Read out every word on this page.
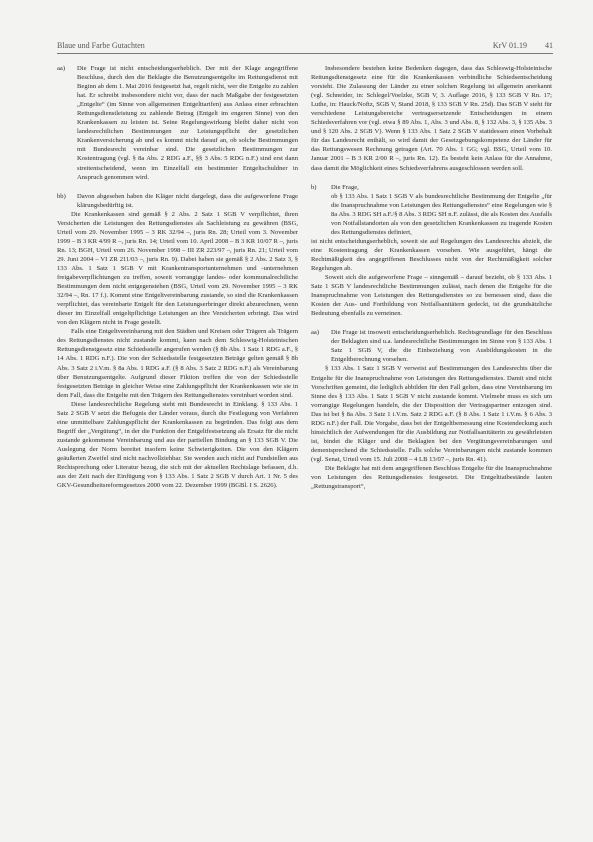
Blaue und Farbe Gutachten	KrV 01.19 41

aa) Die Frage ist nicht entscheidungserheblich. Der mit der Klage angegriffene Beschluss, durch den die Beklagte die Benutzungsentgelte im Rettungsdienst mit Beginn ab dem 1. Mai 2016 festgesetzt hat, regelt nicht, wer die Entgelte zu zahlen hat. Er schreibt insbesondere nicht vor, dass der nach Maßgabe der festgesetzten „Entgelte“ (im Sinne von allgemeinen Entgelttarifen) aus Anlass einer erbrachten Rettungsdienstleistung zu zahlende Betrag (Entgelt im engeren Sinne) von den Krankenkassen zu leisten ist. Seine Regelungswirkung bleibt daher nicht von landesrechtlichen Bestimmungen zur Leistungspflicht der gesetzlichen Krankenversicherung ab und es kommt nicht darauf an, ob solche Bestimmungen mit Bundesrecht vereinbar sind. Die gesetzlichen Bestimmungen zur Kostentragung (vgl. § 8a Abs. 2 RDG a.F., §§ 3 Abs. 5 RDG n.F.) sind erst dann streitentscheidend, wenn im Einzelfall ein bestimmter Entgeltschuldner in Anspruch genommen wird.

bb) Davon abgesehen haben die Kläger nicht dargelegt, dass die aufgeworfene Frage klärungsbedürftig ist.

Die Krankenkassen sind gemäß § 2 Abs. 2 Satz 1 SGB V verpflichtet, ihren Versicherten die Leistungen des Rettungsdienstes als Sachleistung zu gewähren (BSG, Urteil vom 29. November 1995 – 3 RK 32/94 –, juris Rn. 28; Urteil vom 3. November 1999 – B 3 KR 4/99 R –, juris Rn. 14; Urteil vom 10. April 2008 – B 3 KR 10/07 R –, juris Rn. 13; BGH, Urteil vom 26. November 1998 – III ZR 223/97 –, juris Rn. 21; Urteil vom 29. Juni 2004 – VI ZR 211/03 –, juris Rn. 9). Dabei haben sie gemäß § 2 Abs. 2 Satz 3, § 133 Abs. 1 Satz 1 SGB V mit Krankentransportunternehmen und -unternehmen freigabeverpflichtungen zu treffen, soweit vorrangige landes- oder kommunalrechtliche Bestimmungen dem nicht entgegenstehen (BSG, Urteil vom 29. November 1995 – 3 RK 32/94 –, Rn. 17 f.). Kommt eine Entgeltvereinbarung zustande, so sind die Krankenkassen verpflichtet, das vereinbarte Entgelt für den Leistungserbringer direkt abzurechnen, wenn dieser im Einzelfall entgeltpflichtige Leistungen an ihre Versicherten erbringt. Das wird von den Klägern nicht in Frage gestellt.

Falls eine Entgeltvereinbarung mit den Städten und Kreisen oder Trägern als Trägern des Rettungsdienstes nicht zustande kommt, kann nach dem Schleswig-Holsteinischen Rettungsdienstgesetz eine Schiedsstelle angerufen werden (§ 8b Abs. 1 Satz 1 RDG a.F., § 14 Abs. 1 RDG n.F.). Die von der Schiedsstelle festgesetzten Beträge gelten gemäß § 8b Abs. 3 Satz 2 i.V.m. § 8a Abs. 1 RDG a.F. (§ 8 Abs. 3 Satz 2 RDG n.F.) als Vereinbarung über Benutzungsentgelte. Aufgrund dieser Fiktion treffen die von der Schiedsstelle festgesetzten Beträge in gleicher Weise eine Zahlungspflicht der Krankenkassen wie sie in dem Fall, dass die Entgelte mit den Trägern des Rettungsdienstes vereinbart worden sind.

Diese landesrechtliche Regelung steht mit Bundesrecht in Einklang. § 133 Abs. 1 Satz 2 SGB V setzt die Befugnis der Länder voraus, durch die Festlegung von Verfahren eine unmittelbare Zahlungspflicht der Krankenkassen zu begründen. Das folgt aus dem Begriff der „Vergütung“, in der die Funktion der Entgeltfestsetzung als Ersatz für die nicht zustande gekommene Vereinbarung und aus der partiellen Bindung an § 133 SGB V. Die Auslegung der Norm bereitet insofern keine Schwierigkeiten. Die von den Klägern geäußerten Zweifel sind nicht nachvollziehbar. Sie wenden auch nicht auf Fundstellen aus Rechtsprechung oder Literatur bezug, die sich mit der aktuellen Rechtslage befassen, d.h. aus der Zeit nach der Einfügung von § 133 Abs. 1 Satz 2 SGB V durch Art. 1 Nr. 5 des GKV-Gesundheitsreformgesetzes 2000 vom 22. Dezember 1999 (BGBl. I S. 2626).

Insbesondere bestehen keine Bedenken dagegen, dass das Schleswig-Holsteinische Rettungsdienstgesetz eine für die Krankenkassen verbindliche Schiedsentscheidung vorsieht. Die Zulassung der Länder zu einer solchen Regelung ist allgemein anerkannt (vgl. Schneider, in: Schlegel/Voelzke, SGB V, 3. Auflage 2016, § 133 SGB V Rn. 17; Luthe, in: Hauck/Noftz, SGB V, Stand 2018, § 133 SGB V Rn. 25d). Das SGB V sieht für verschiedene Leistungsbereiche vertragsersetzende Entscheidungen in einem Schiedsverfahren vor (vgl. etwa § 89 Abs. 1, Abs. 3 und Abs. 8, § 132 Abs. 3, § 135 Abs. 3 und § 120 Abs. 2 SGB V). Wenn § 133 Abs. 1 Satz 2 SGB V stattdessen einen Vorbehalt für das Landesrecht enthält, so wird damit der Gesetzgebungskompetenz der Länder für das Rettungswesen Rechnung getragen (Art. 70 Abs. 1 GG; vgl. BSG, Urteil vom 10. Januar 2001 – B 3 KR 2/00 R –, juris Rn. 12). Es besteht kein Anlass für die Annahme, dass damit die Möglichkeit eines Schiedsverfahrens ausgeschlossen werden soll.

b) Die Frage,

ob § 133 Abs. 1 Satz 1 SGB V als bundesrechtliche Bestimmung der Entgelte „für die Inanspruchnahme von Leistungen des Rettungsdienstes“ eine Regelungen wie § 8a Abs. 3 RDG SH a.F./§ 8 Abs. 3 RDG SH n.F. zulässt, die als Kosten des Ausfalls von Notfallstandorten als von den gesetzlichen Krankenkassen zu tragende Kosten des Rettungsdienstes definiert,

ist nicht entscheidungserheblich, soweit sie auf Regelungen des Landesrechts abzielt, die eine Kostentragung der Krankenkassen vorsehen. Wie ausgeführt, hängt die Rechtmäßigkeit des angegriffenen Beschlusses nicht von der Rechtmäßigkeit solcher Regelungen ab.

Soweit sich die aufgeworfene Frage – sinngemäß – darauf bezieht, ob § 133 Abs. 1 Satz 1 SGB V landesrechtliche Bestimmungen zulässt, nach denen die Entgelte für die Inanspruchnahme von Leistungen des Rettungsdienstes so zu bemessen sind, dass die Kosten der Aus- und Fortbildung von Notfallsanitätern gedeckt, ist die grundsätzliche Bedeutung ebenfalls zu verneinen.

aa) Die Frage ist insoweit entscheidungserheblich. Rechtsgrundlage für den Beschluss der Beklagten sind u.a. landesrechtliche Bestimmungen im Sinne von § 133 Abs. 1 Satz 1 SGB V, die die Einbeziehung von Ausbildungskosten in die Entgeltberechnung vorsehen.

§ 133 Abs. 1 Satz 1 SGB V verweist auf Bestimmungen des Landesrechts über die Entgelte für die Inanspruchnahme von Leistungen des Rettungsdienstes. Damit sind nicht Vorschriften gemeint, die lediglich abbilden für den Fall gelten, dass eine Vereinbarung im Sinne des § 133 Abs. 1 Satz 1 SGB V nicht zustande kommt. Vielmehr muss es sich um vorrangige Regelungen handeln, die der Disposition der Vertragspartner entzogen sind. Das ist bei § 8a Abs. 3 Satz 1 i.V.m. Satz 2 RDG a.F. (§ 8 Abs. 1 Satz 1 i.V.m. § 6 Abs. 3 RDG n.F.) der Fall. Die Vorgabe, dass bei der Entgeltbemessung eine Kostendeckung auch hinsichtlich der Aufwendungen für die Ausbildung zur Notfallsanitäterin zu gewährleisten ist, bindet die Kläger und die Beklagten bei den Vergütungsvereinbarungen und dementsprechend die Schiedsstelle. Falls solche Vereinbarungen nicht zustande kommen (vgl. Senat, Urteil vom 15. Juli 2008 – 4 LB 13/07 –, juris Rn. 41).

Die Beklagte hat mit dem angegriffenen Beschluss Entgelte für die Inanspruchnahme von Leistungen des Rettungsdienstes festgesetzt. Die Entgelttatbestände lauten „Rettungstransport“,
